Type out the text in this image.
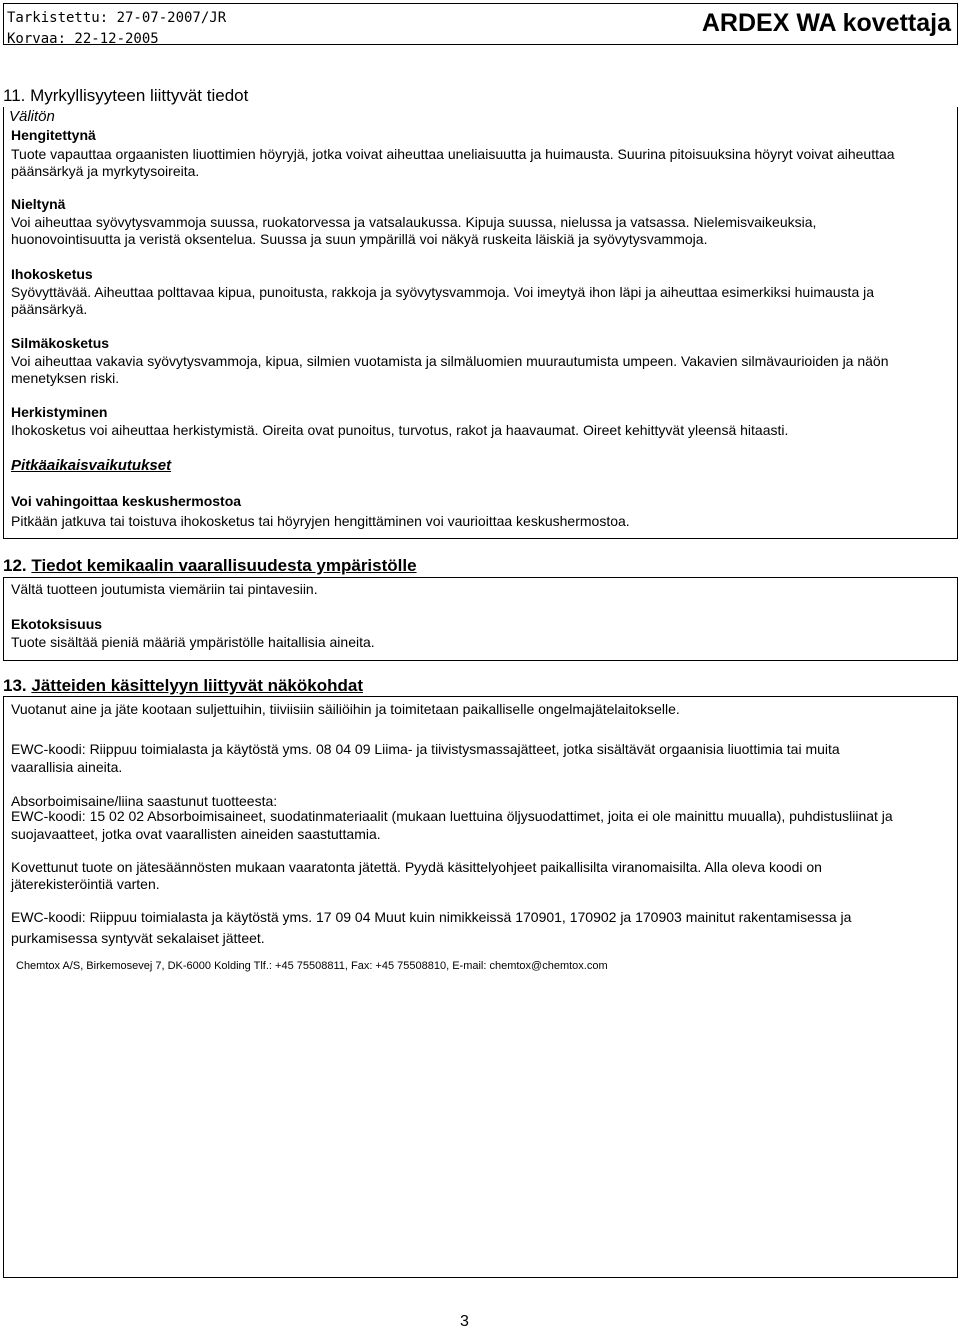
Tarkistettu: 27-07-2007/JR
Korvaa: 22-12-2005
ARDEX WA kovettaja
11. Myrkyllisyyteen liittyvät tiedot
Välitön
Hengitettynä
Tuote vapauttaa orgaanisten liuottimien höyryjä, jotka voivat aiheuttaa uneliaisuutta ja huimausta. Suurina pitoisuuksina höyryt voivat aiheuttaa
päänsärkyä ja myrkytysoireita.
Nieltynä
Voi aiheuttaa syövytysvammoja suussa, ruokatorvessa ja vatsalaukussa. Kipuja suussa, nielussa ja vatsassa. Nielemisvaikeuksia,
huonovointisuutta ja veristä oksentelua. Suussa ja suun ympärillä voi näkyä ruskeita läiskiä ja syövytysvammoja.
Ihokosketus
Syövyttävää. Aiheuttaa polttavaa kipua, punoitusta, rakkoja ja syövytysvammoja. Voi imeytyä ihon läpi ja aiheuttaa esimerkiksi huimausta ja
päänsärkyä.
Silmäkosketus
Voi aiheuttaa vakavia syövytysvammoja, kipua, silmien vuotamista ja silmäluomien muurautumista umpeen. Vakavien silmävaurioiden ja näön
menetyksen riski.
Herkistyminen
Ihokosketus voi aiheuttaa herkistymistä. Oireita ovat punoitus, turvotus, rakot ja haavaumat. Oireet kehittyvät yleensä hitaasti.
Pitkäaikaisvaikutukset
Voi vahingoittaa keskushermostoa
Pitkään jatkuva tai toistuva ihokosketus tai höyryjen hengittäminen voi vaurioittaa keskushermostoa.
12. Tiedot kemikaalin vaarallisuudesta ympäristölle
Vältä tuotteen joutumista viemäriin tai pintavesiin.
Ekotoksisuus
Tuote sisältää pieniä määriä ympäristölle haitallisia aineita.
13. Jätteiden käsittelyyn liittyvät näkökohdat
Vuotanut aine ja jäte kootaan suljettuihin, tiiviisiin säiliöihin ja toimitetaan paikalliselle ongelmajätelaitokselle.
EWC-koodi: Riippuu toimialasta ja käytöstä yms. 08 04 09 Liima- ja tiivistysmassajätteet, jotka sisältävät orgaanisia liuottimia tai muita
vaarallisia aineita.
Absorboimisaine/liina saastunut tuotteesta:
EWC-koodi: 15 02 02 Absorboimisaineet, suodatinmateriaalit (mukaan luettuina öljysuodattimet, joita ei ole mainittu muualla), puhdistusliinat ja
suojavaatteet, jotka ovat vaarallisten aineiden saastuttamia.
Kovettunut tuote on jätesäännösten mukaan vaaratonta jätettä. Pyydä käsittelyohjeet paikallisilta viranomaisilta. Alla oleva koodi on
jäterekisteröintiä varten.
EWC-koodi: Riippuu toimialasta ja käytöstä yms. 17 09 04 Muut kuin nimikkeissä 170901, 170902 ja 170903 mainitut rakentamisessa ja
purkamisessa syntyvät sekalaiset jätteet.
Chemtox A/S, Birkemosevej 7, DK-6000 Kolding Tlf.: +45 75508811, Fax: +45 75508810, E-mail: chemtox@chemtox.com
3
